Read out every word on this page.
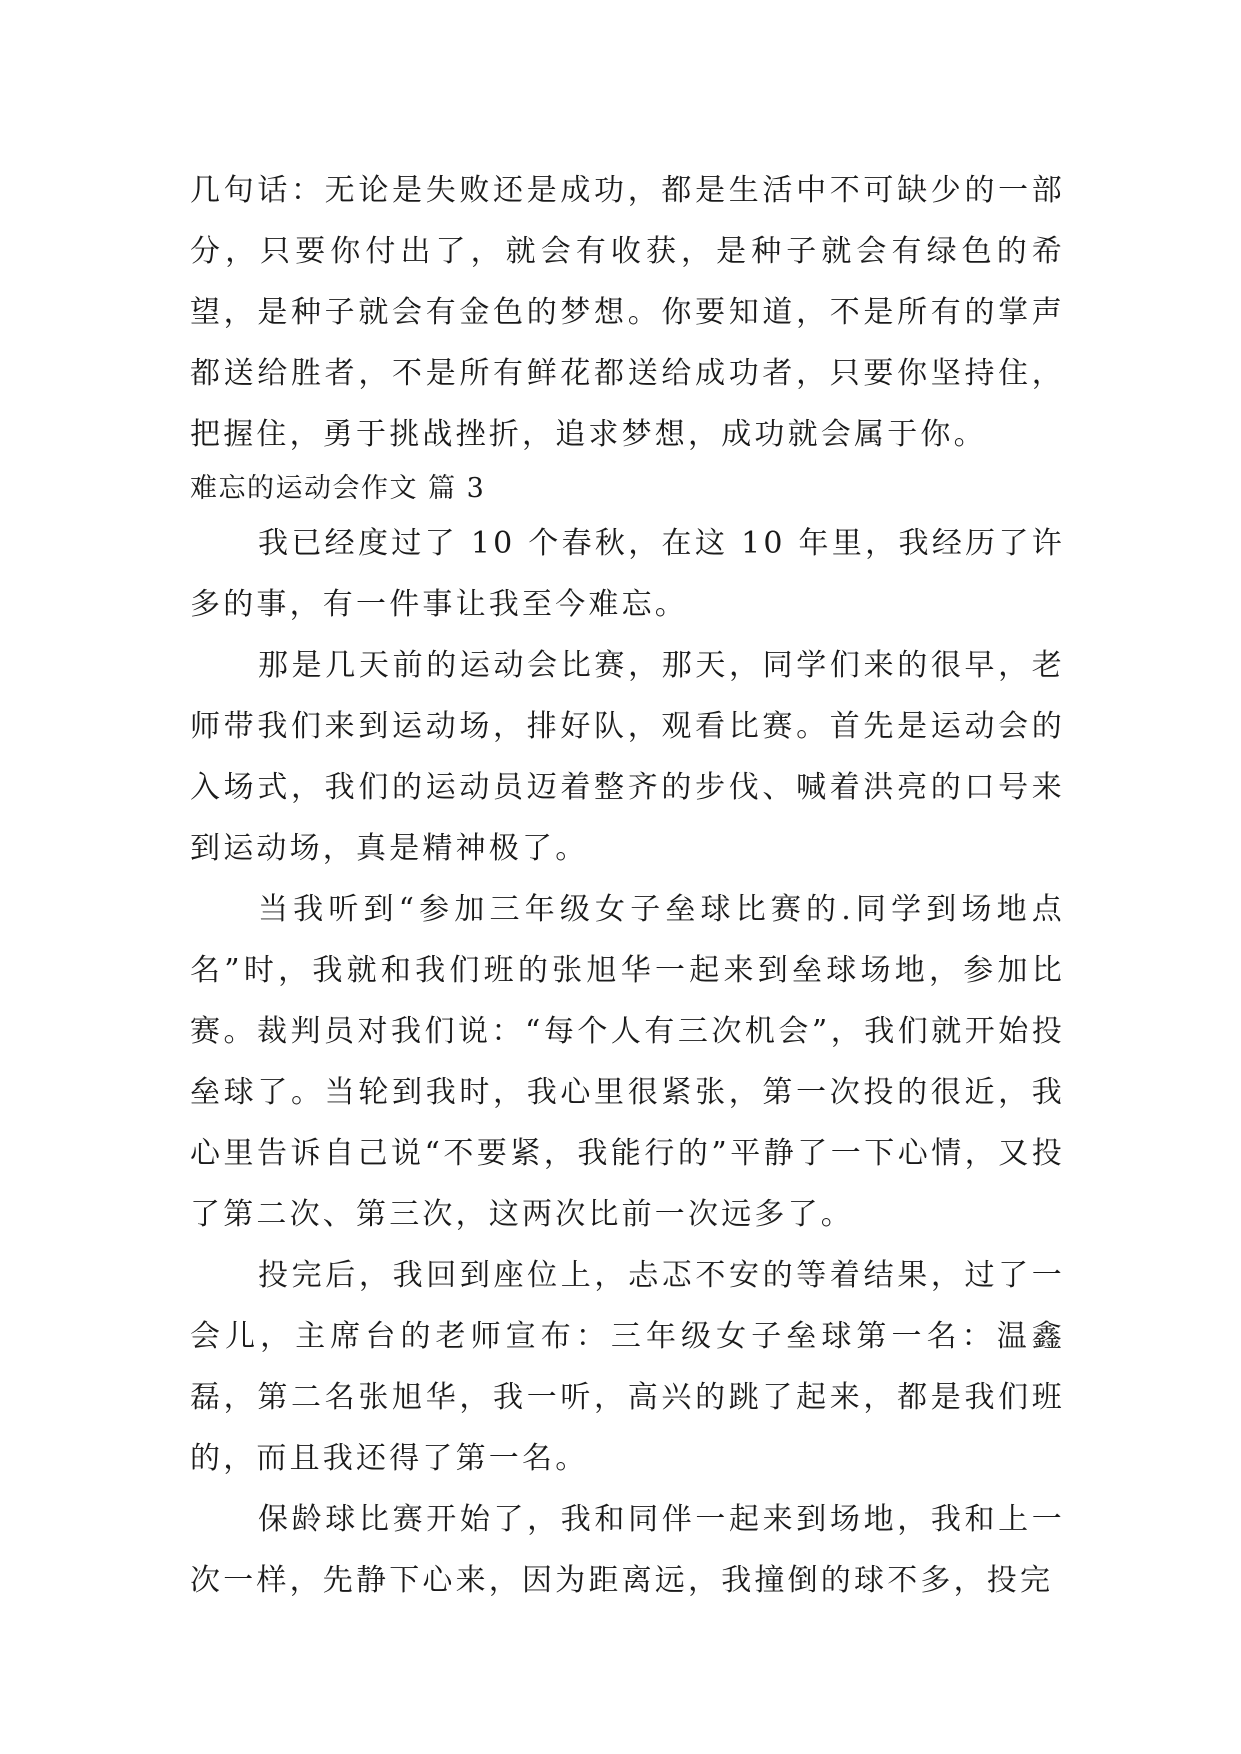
几句话：无论是失败还是成功，都是生活中不可缺少的一部分，只要你付出了，就会有收获，是种子就会有绿色的希望，是种子就会有金色的梦想。你要知道，不是所有的掌声都送给胜者，不是所有鲜花都送给成功者，只要你坚持住，把握住，勇于挑战挫折，追求梦想，成功就会属于你。

难忘的运动会作文 篇 3

我已经度过了 10 个春秋，在这 10 年里，我经历了许多的事，有一件事让我至今难忘。

那是几天前的运动会比赛，那天，同学们来的很早，老师带我们来到运动场，排好队，观看比赛。首先是运动会的入场式，我们的运动员迈着整齐的步伐、喊着洪亮的口号来到运动场，真是精神极了。

当我听到“参加三年级女子垒球比赛的.同学到场地点名”时，我就和我们班的张旭华一起来到垒球场地，参加比赛。裁判员对我们说：“每个人有三次机会”，我们就开始投垒球了。当轮到我时，我心里很紧张，第一次投的很近，我心里告诉自己说“不要紧，我能行的”平静了一下心情，又投了第二次、第三次，这两次比前一次远多了。

投完后，我回到座位上，忐忑不安的等着结果，过了一会儿，主席台的老师宣布：三年级女子垒球第一名：温鑫磊，第二名张旭华，我一听，高兴的跳了起来，都是我们班的，而且我还得了第一名。

保龄球比赛开始了，我和同伴一起来到场地，我和上一次一样，先静下心来，因为距离远，我撞倒的球不多，投完
